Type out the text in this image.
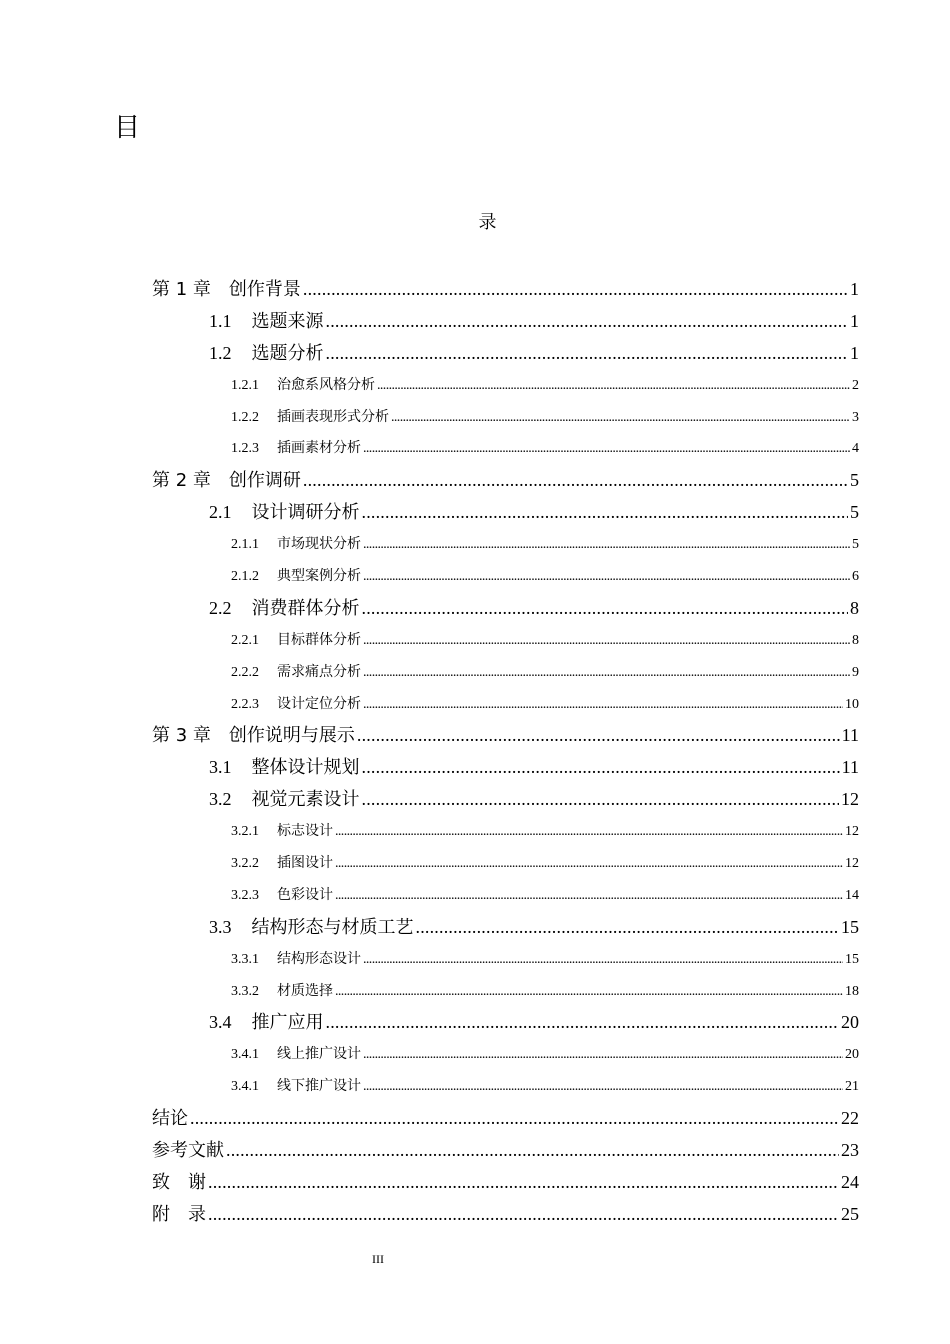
目
录
第 1 章　创作背景 .....	1
1.1 选题来源 .....	1
1.2 选题分析 .....	1
1.2.1 治愈系风格分析 .....	2
1.2.2 插画表现形式分析 .....	3
1.2.3 插画素材分析 .....	4
第 2 章　创作调研 .....	5
2.1 设计调研分析 .....	5
2.1.1 市场现状分析 .....	5
2.1.2 典型案例分析 .....	6
2.2 消费群体分析 .....	8
2.2.1 目标群体分析 .....	8
2.2.2 需求痛点分析 .....	9
2.2.3 设计定位分析 .....	10
第 3 章　创作说明与展示 .....	11
3.1 整体设计规划 .....	11
3.2 视觉元素设计 .....	12
3.2.1 标志设计 .....	12
3.2.2 插图设计 .....	12
3.2.3 色彩设计 .....	14
3.3 结构形态与材质工艺 .....	15
3.3.1 结构形态设计 .....	15
3.3.2 材质选择 .....	18
3.4 推广应用 .....	20
3.4.1 线上推广设计 .....	20
3.4.1 线下推广设计 .....	21
结论 .....	22
参考文献 .....	23
致　谢 .....	24
附　录 .....	25
III
